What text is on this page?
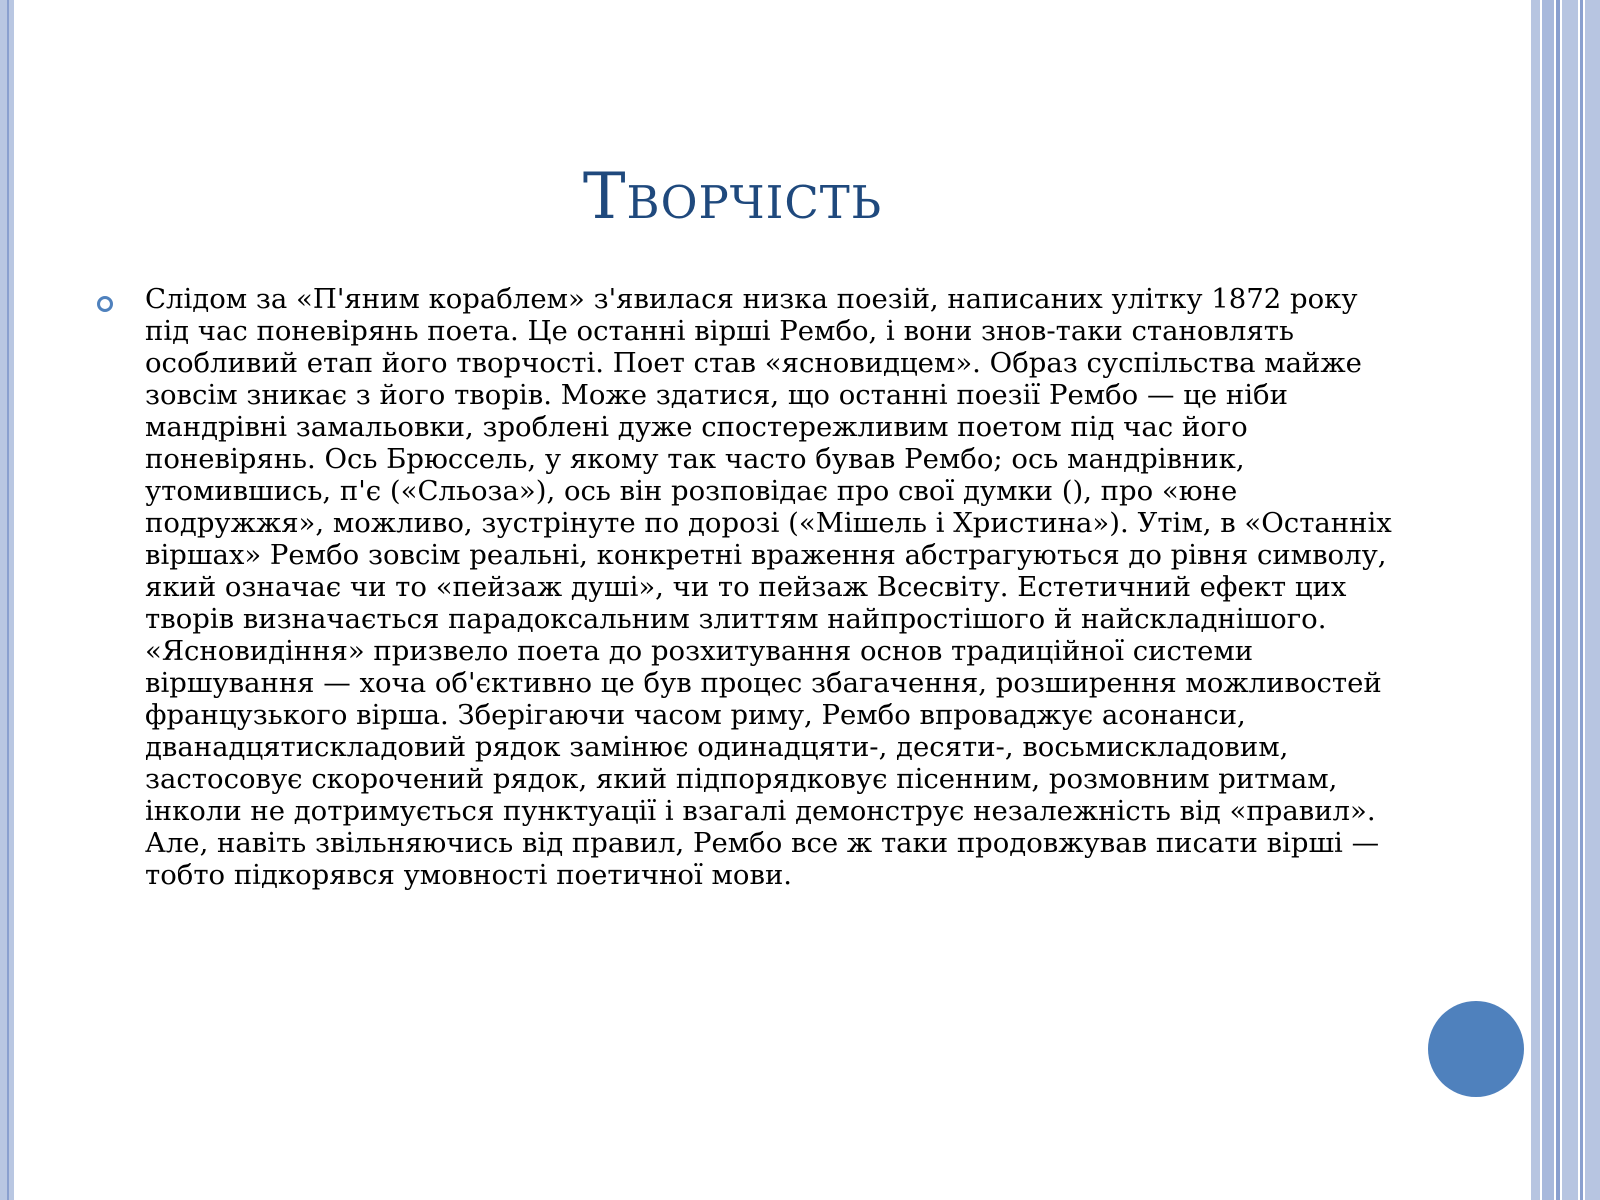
Творчість

Слідом за «П'яним кораблем» з'явилася низка поезій, написаних улітку 1872 року під час поневірянь поета. Це останні вірші Рембо, і вони знов-таки становлять особливий етап його творчості. Поет став «ясновидцем». Образ суспільства майже зовсім зникає з його творів. Може здатися, що останні поезії Рембо — це ніби мандрівні замальовки, зроблені дуже спостережливим поетом під час його поневірянь. Ось Брюссель, у якому так часто бував Рембо; ось мандрівник, утомившись, п'є («Сльоза»), ось він розповідає про свої думки (), про «юне подружжя», можливо, зустрінуте по дорозі («Мішель і Христина»). Утім, в «Останніх віршах» Рембо зовсім реальні, конкретні враження абстрагуються до рівня символу, який означає чи то «пейзаж душі», чи то пейзаж Всесвіту. Естетичний ефект цих творів визначається парадоксальним злиттям найпростішого й найскладнішого. «Ясновидіння» призвело поета до розхитування основ традиційної системи віршування — хоча об'єктивно це був процес збагачення, розширення можливостей французького вірша. Зберігаючи часом риму, Рембо впроваджує асонанси, дванадцятискладовий рядок замінює одинадцяти-, десяти-, восьмискладовим, застосовує скорочений рядок, який підпорядковує пісенним, розмовним ритмам, інколи не дотримується пунктуації і взагалі демонструє незалежність від «правил». Але, навіть звільняючись від правил, Рембо все ж таки продовжував писати вірші — тобто підкорявся умовності поетичної мови.
